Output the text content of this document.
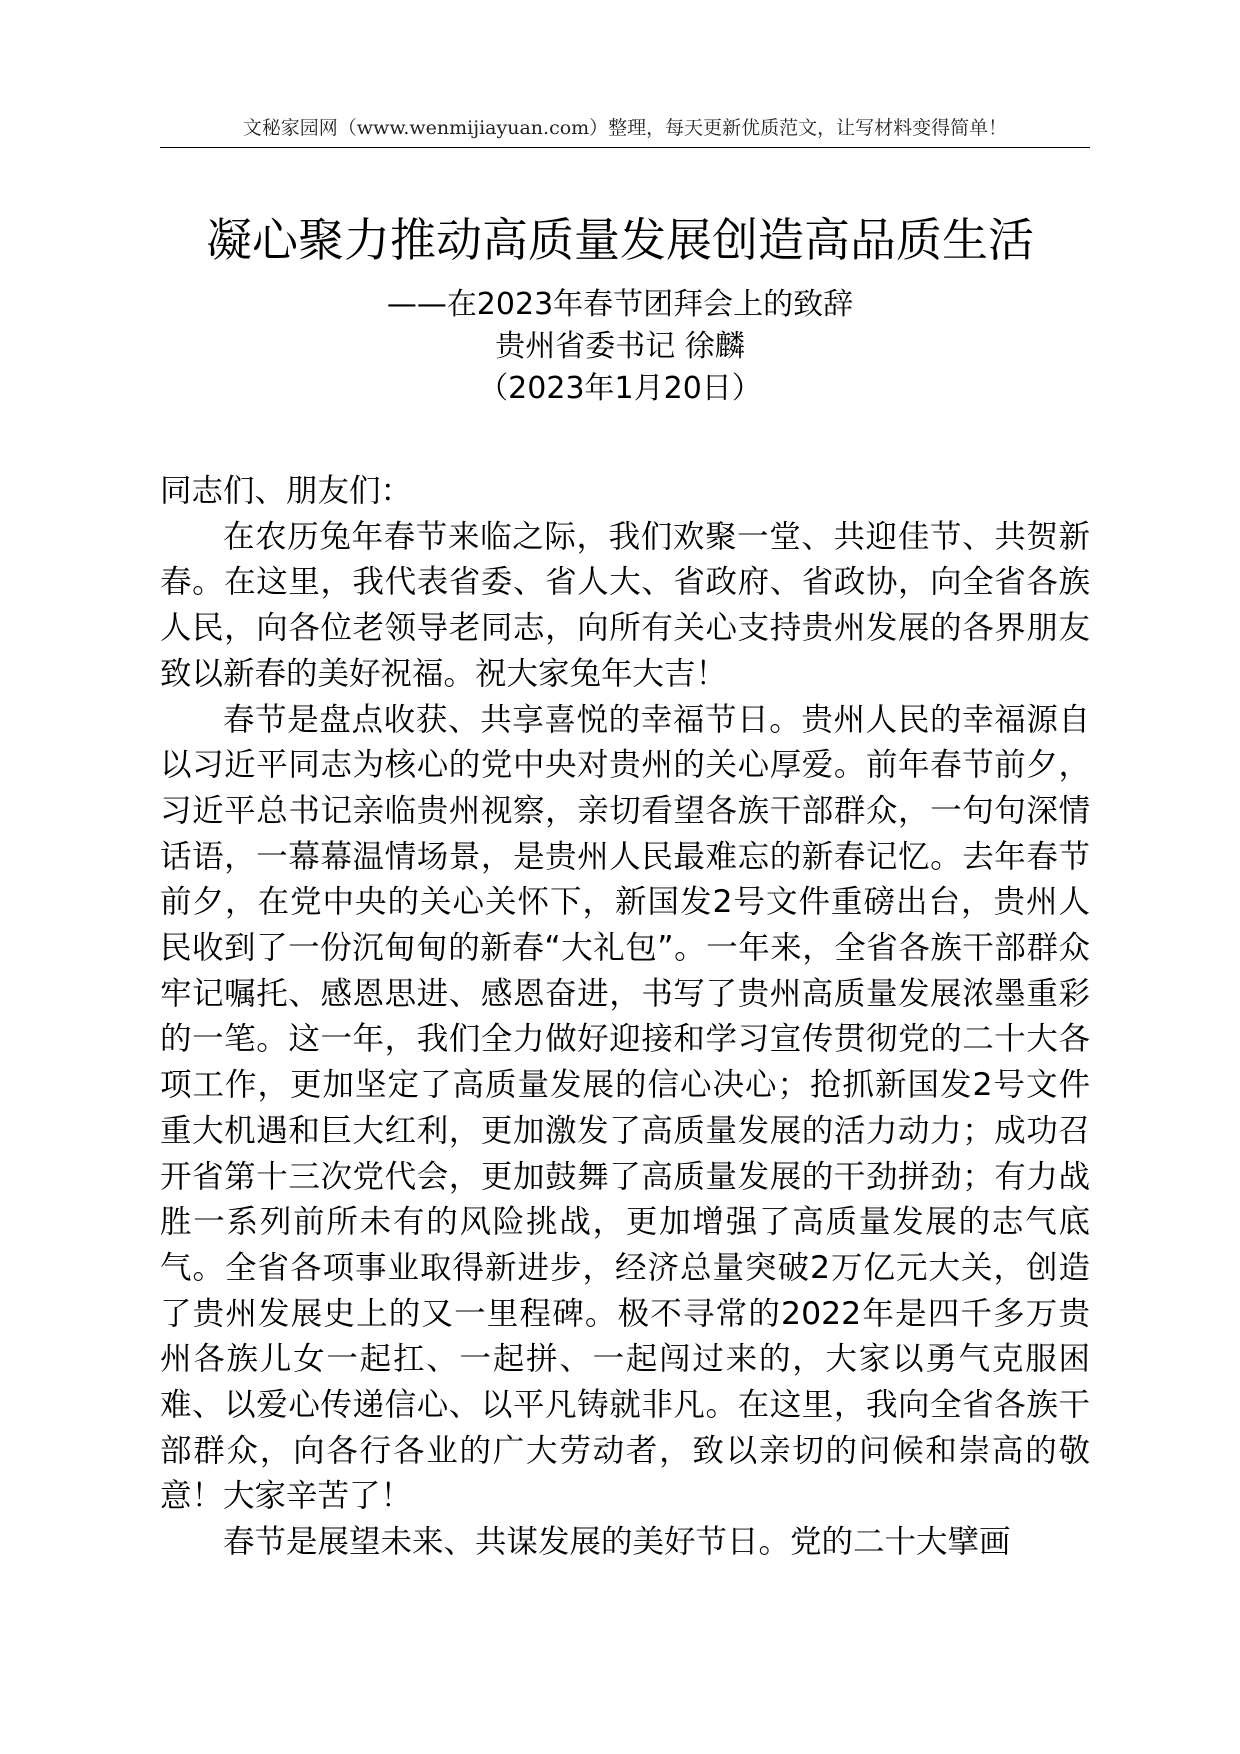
文秘家园网（www.wenmijiayuan.com）整理，每天更新优质范文，让写材料变得简单！
凝心聚力推动高质量发展创造高品质生活
——在2023年春节团拜会上的致辞
贵州省委书记 徐麟
（2023年1月20日）

同志们、朋友们：

在农历兔年春节来临之际，我们欢聚一堂、共迎佳节、共贺新春。在这里，我代表省委、省人大、省政府、省政协，向全省各族人民，向各位老领导老同志，向所有关心支持贵州发展的各界朋友致以新春的美好祝福。祝大家兔年大吉！

春节是盘点收获、共享喜悦的幸福节日。贵州人民的幸福源自以习近平同志为核心的党中央对贵州的关心厚爱。前年春节前夕，习近平总书记亲临贵州视察，亲切看望各族干部群众，一句句深情话语，一幕幕温情场景，是贵州人民最难忘的新春记忆。去年春节前夕，在党中央的关心关怀下，新国发2号文件重磅出台，贵州人民收到了一份沉甸甸的新春“大礼包”。一年来，全省各族干部群众牢记嘱托、感恩思进、感恩奋进，书写了贵州高质量发展浓墨重彩的一笔。这一年，我们全力做好迎接和学习宣传贯彻党的二十大各项工作，更加坚定了高质量发展的信心决心；抢抓新国发2号文件重大机遇和巨大红利，更加激发了高质量发展的活力动力；成功召开省第十三次党代会，更加鼓舞了高质量发展的干劲拼劲；有力战胜一系列前所未有的风险挑战，更加增强了高质量发展的志气底气。全省各项事业取得新进步，经济总量突破2万亿元大关，创造了贵州发展史上的又一里程碑。极不寻常的2022年是四千多万贵州各族儿女一起扛、一起拼、一起闯过来的，大家以勇气克服困难、以爱心传递信心、以平凡铸就非凡。在这里，我向全省各族干部群众，向各行各业的广大劳动者，致以亲切的问候和崇高的敬意！大家辛苦了！

春节是展望未来、共谋发展的美好节日。党的二十大擘画
